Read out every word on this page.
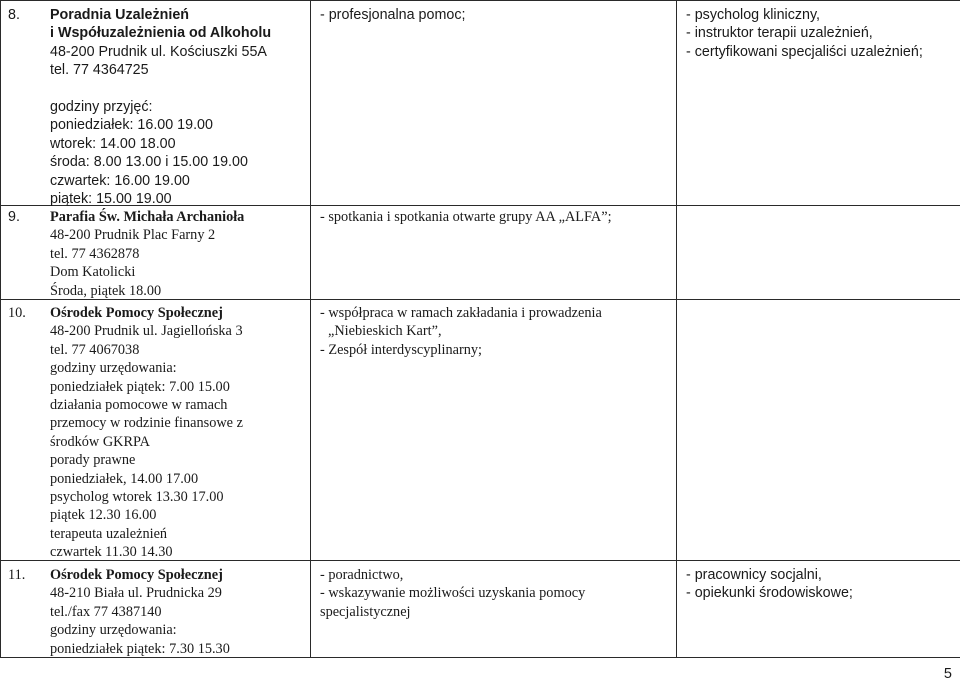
8. Poradnia Uzależnień
i Współuzależnienia od Alkoholu
48-200 Prudnik ul. Kościuszki 55A
tel. 77 4364725
godziny przyjęć:
poniedziałek: 16.00 19.00
wtorek: 14.00 18.00
środa: 8.00 13.00 i 15.00 19.00
czwartek: 16.00 19.00
piątek: 15.00 19.00
- profesjonalna pomoc;	- psycholog kliniczny,
- instruktor terapii uzależnień,
- certyfikowani specjaliści uzależnień;
9. Parafia Św. Michała Archanioła
48-200 Prudnik Plac Farny 2
tel. 77 4362878
Dom Katolicki
Środa, piątek 18.00
- spotkania i spotkania otwarte grupy AA „ALFA”;
10. Ośrodek Pomocy Społecznej
48-200 Prudnik ul. Jagiellońska 3
tel. 77 4067038
godziny urzędowania:
poniedziałek piątek: 7.00 15.00
działania pomocowe w ramach
przemocy w rodzinie finansowe z
środków GKRPA
porady prawne
poniedziałek, 14.00 17.00
psycholog wtorek 13.30 17.00
piątek 12.30 16.00
terapeuta uzależnień
czwartek 11.30 14.30
- współpraca w ramach zakładania i prowadzenia
„Niebieskich Kart”,
- Zespół interdyscyplinarny;
11. Ośrodek Pomocy Społecznej
48-210 Biała ul. Prudnicka 29
tel./fax 77 4387140
godziny urzędowania:
poniedziałek piątek: 7.30 15.30
- poradnictwo,
- wskazywanie możliwości uzyskania pomocy
specjalistycznej
- pracownicy socjalni,
- opiekunki środowiskowe;
5
